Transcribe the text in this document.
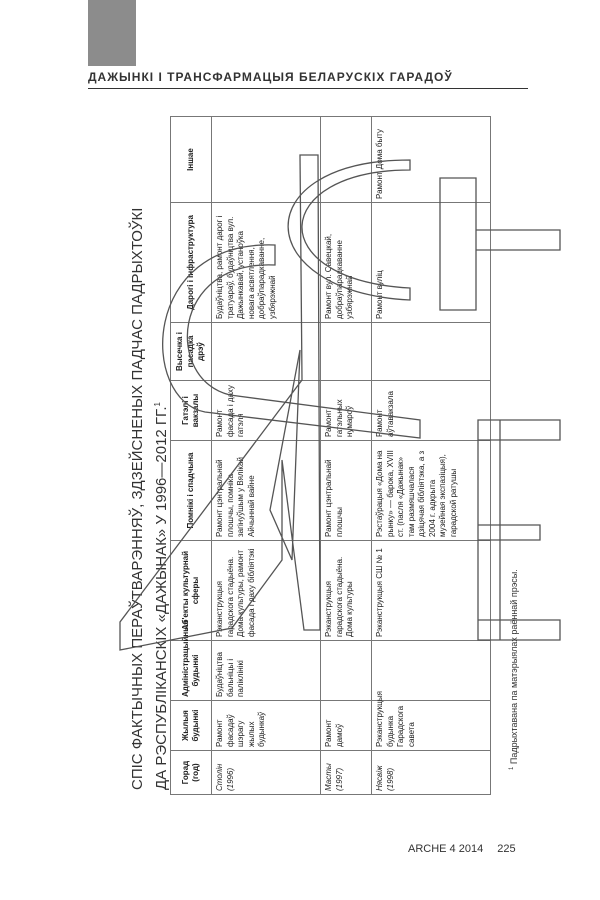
ДАЖЫНКІ І ТРАНСФАРМАЦЫЯ БЕЛАРУСКІХ ГАРАДОЎ
СПІС ФАКТЫЧНЫХ ПЕРАЎТВАРЭННЯЎ, ЗДЗЕЙСНЕНЫХ ПАДЧАС ПАДРЫХТОЎКІ ДА РЭСПУБЛІКАНСКІХ «ДАЖЫНАК» У 1996—2012 ГГ.$^1$
Горад (год)	Жылыя будынкі	Адміністрацыйныя будынкі	Аб'екты культурнай сферы	Помнікі і спадчына	Гатэлі і вакзалы	Высечка і пасадка дрэў	Дарогі і інфраструктура	Іншае
Столін (1996)	Рамонт фасадаў шэрагу жылых будынкаў	Будаўніцтва бальніцы і паліклінікі	Рэканструкцыя гарадскога стадыёна. Дома культуры, рамонт фасада і даху бібліятэкі	Рамонт цэнтральнай плошчы, помніка загінуўшым у Вялікай Айчыннай вайне	Рамонт фасада і даху гатэля		Будаўніцтва, рамонт дарог і тратуараў, будаўніцтва вул. Дажынкавай, устаноўка новага асвятлення, добраўпарадкаванне, узбярэжнай	
Масты (1997)	Рамонт дамоў		Рэканструкцыя гарадскога стадыёна. Дома культуры	Рамонт цэнтральнай плошчы	Рамонт гатэльных нумароў		Рамонт вул. Савецкай, добраўпарадкаванне узбярэжнай	
Нясвіж (1998)	Рэканструкцыя будынка Гарадскога савета		Рэканструкцыя СШ № 1	Рэстаўрацыя «Дома на рынку» — барока, XVIII ст. (пасля «Дажынак» там размяшчалася дзіцячая бібліятэка, а з 2004 г. адкрыта музейная экспазіцыя), гарадской ратушы	Рамонт аўтавакзала		Рамонт вуліц	Рамонт Дома быту
$^1$ Падрыхтавана па матэрыялах раённай прэсы.
ARCHE 4 2014 225
